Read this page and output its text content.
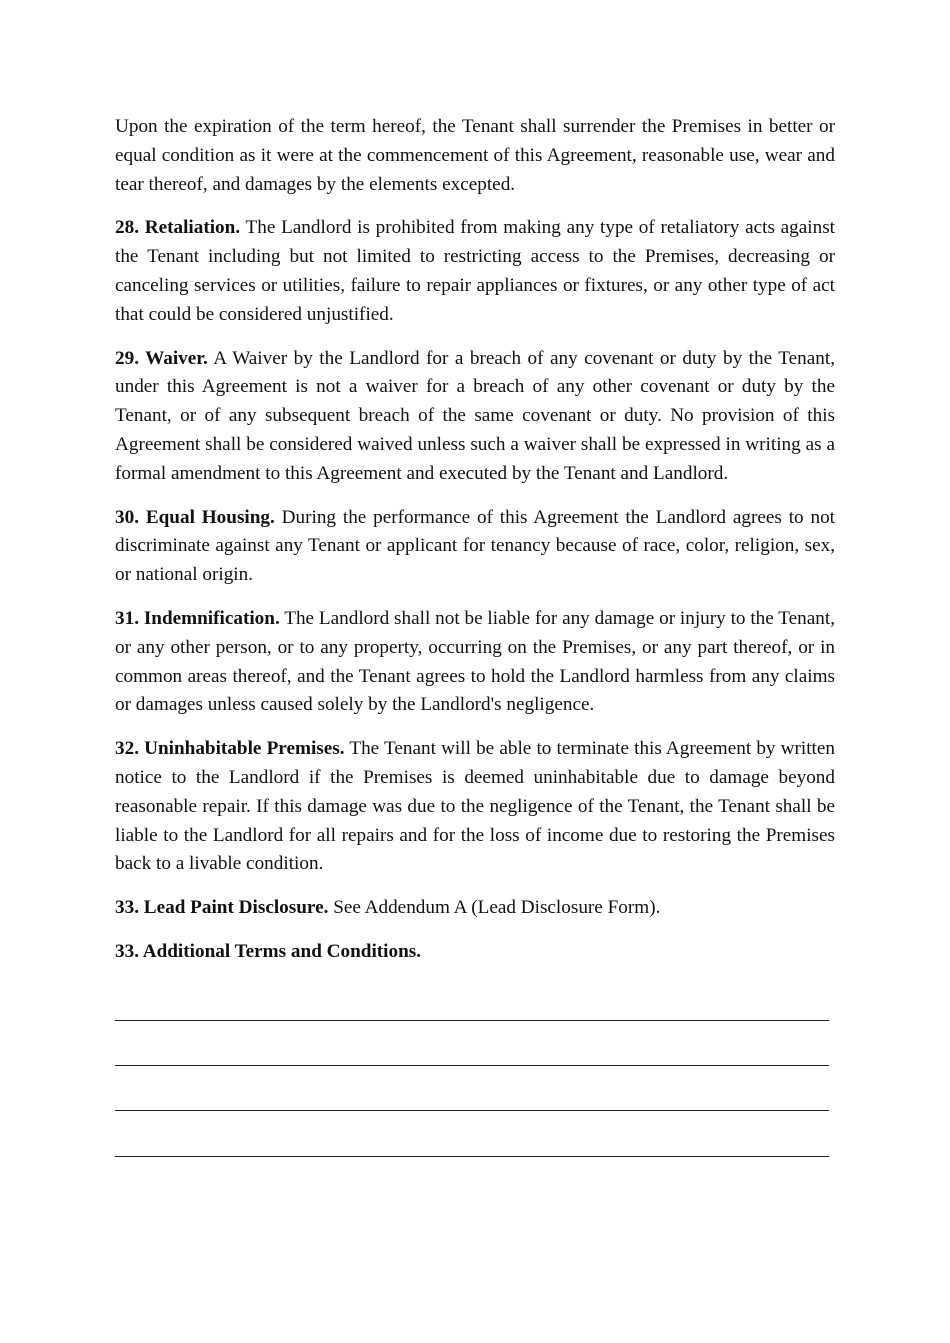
Upon the expiration of the term hereof, the Tenant shall surrender the Premises in better or equal condition as it were at the commencement of this Agreement, reasonable use, wear and tear thereof, and damages by the elements excepted.

28. Retaliation. The Landlord is prohibited from making any type of retaliatory acts against the Tenant including but not limited to restricting access to the Premises, decreasing or canceling services or utilities, failure to repair appliances or fixtures, or any other type of act that could be considered unjustified.

29. Waiver. A Waiver by the Landlord for a breach of any covenant or duty by the Tenant, under this Agreement is not a waiver for a breach of any other covenant or duty by the Tenant, or of any subsequent breach of the same covenant or duty. No provision of this Agreement shall be considered waived unless such a waiver shall be expressed in writing as a formal amendment to this Agreement and executed by the Tenant and Landlord.

30. Equal Housing. During the performance of this Agreement the Landlord agrees to not discriminate against any Tenant or applicant for tenancy because of race, color, religion, sex, or national origin.

31. Indemnification. The Landlord shall not be liable for any damage or injury to the Tenant, or any other person, or to any property, occurring on the Premises, or any part thereof, or in common areas thereof, and the Tenant agrees to hold the Landlord harmless from any claims or damages unless caused solely by the Landlord's negligence.

32. Uninhabitable Premises. The Tenant will be able to terminate this Agreement by written notice to the Landlord if the Premises is deemed uninhabitable due to damage beyond reasonable repair. If this damage was due to the negligence of the Tenant, the Tenant shall be liable to the Landlord for all repairs and for the loss of income due to restoring the Premises back to a livable condition.

33. Lead Paint Disclosure. See Addendum A (Lead Disclosure Form).

33. Additional Terms and Conditions.
